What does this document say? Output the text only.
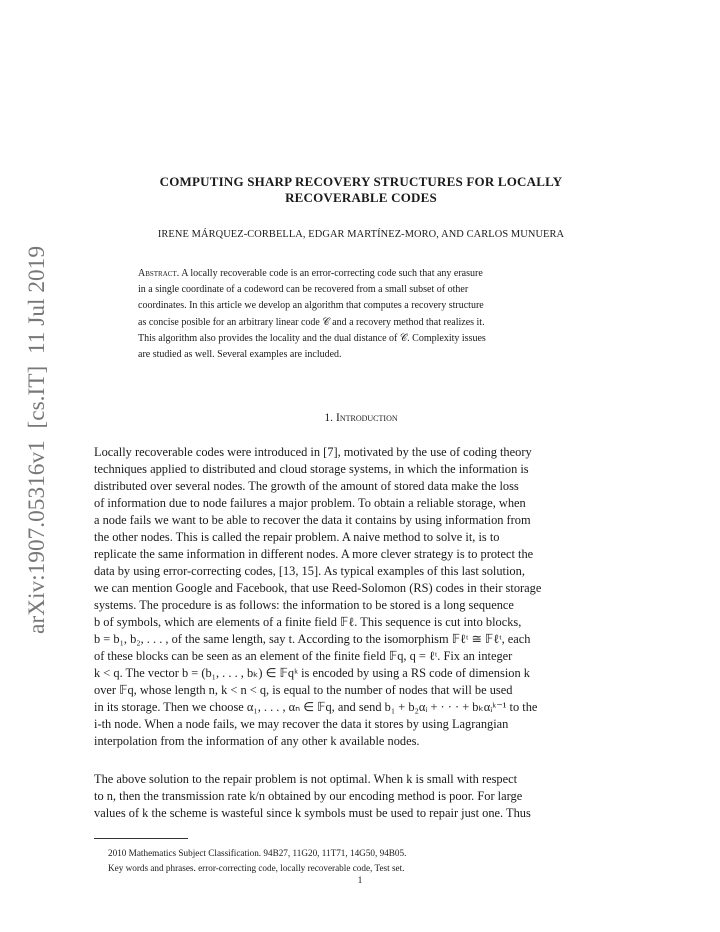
arXiv:1907.05316v1  [cs.IT]  11 Jul 2019
COMPUTING SHARP RECOVERY STRUCTURES FOR LOCALLY
RECOVERABLE CODES
IRENE MÁRQUEZ-CORBELLA, EDGAR MARTÍNEZ-MORO, AND CARLOS MUNUERA
Abstract. A locally recoverable code is an error-correcting code such that any erasure
in a single coordinate of a codeword can be recovered from a small subset of other
coordinates. In this article we develop an algorithm that computes a recovery structure
as concise posible for an arbitrary linear code 𝒞 and a recovery method that realizes it.
This algorithm also provides the locality and the dual distance of 𝒞. Complexity issues
are studied as well. Several examples are included.
1. Introduction
Locally recoverable codes were introduced in [7], motivated by the use of coding theory
techniques applied to distributed and cloud storage systems, in which the information is
distributed over several nodes. The growth of the amount of stored data make the loss
of information due to node failures a major problem. To obtain a reliable storage, when
a node fails we want to be able to recover the data it contains by using information from
the other nodes. This is called the repair problem. A naive method to solve it, is to
replicate the same information in different nodes. A more clever strategy is to protect the
data by using error-correcting codes, [13, 15]. As typical examples of this last solution,
we can mention Google and Facebook, that use Reed-Solomon (RS) codes in their storage
systems. The procedure is as follows: the information to be stored is a long sequence
b of symbols, which are elements of a finite field 𝔽ℓ. This sequence is cut into blocks,
b = b₁, b₂, . . . , of the same length, say t. According to the isomorphism 𝔽ℓᵗ ≅ 𝔽ℓᵗ, each
of these blocks can be seen as an element of the finite field 𝔽q, q = ℓᵗ. Fix an integer
k < q. The vector b = (b₁, . . . , bₖ) ∈ 𝔽qᵏ is encoded by using a RS code of dimension k
over 𝔽q, whose length n, k < n < q, is equal to the number of nodes that will be used
in its storage. Then we choose α₁, . . . , αₙ ∈ 𝔽q, and send b₁ + b₂αᵢ + · · · + bₖαᵢᵏ⁻¹ to the
i-th node. When a node fails, we may recover the data it stores by using Lagrangian
interpolation from the information of any other k available nodes.
The above solution to the repair problem is not optimal. When k is small with respect
to n, then the transmission rate k/n obtained by our encoding method is poor. For large
values of k the scheme is wasteful since k symbols must be used to repair just one. Thus
2010 Mathematics Subject Classification. 94B27, 11G20, 11T71, 14G50, 94B05.
Key words and phrases. error-correcting code, locally recoverable code, Test set.
1
